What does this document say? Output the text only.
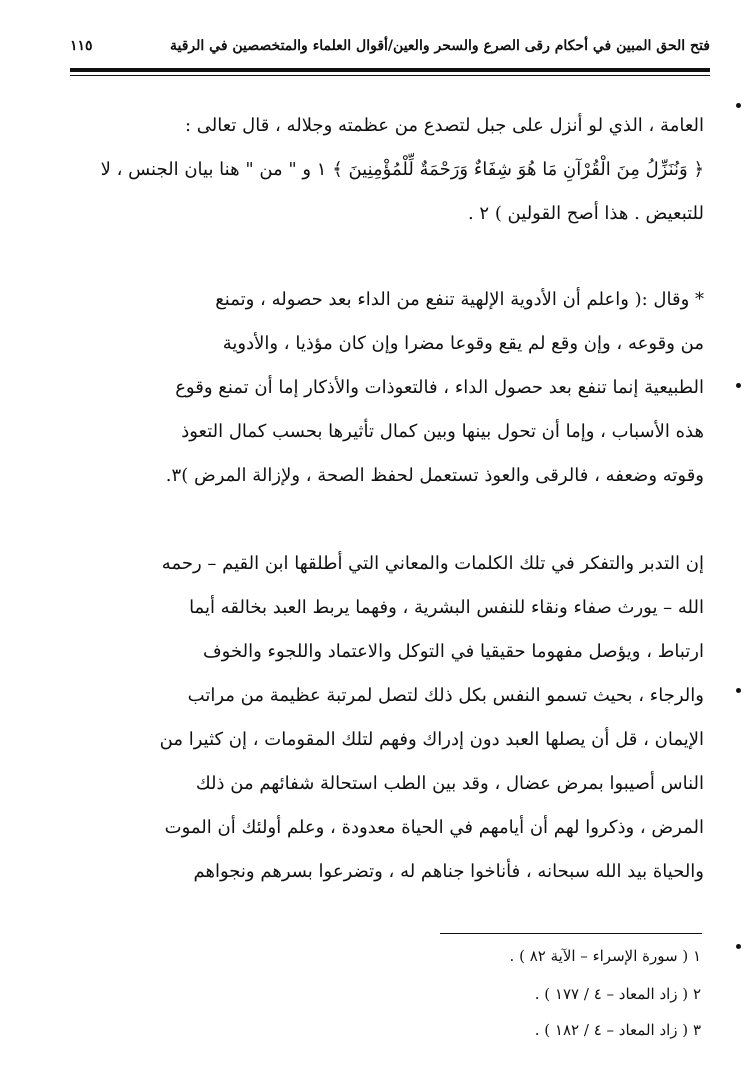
فتح الحق المبين في أحكام رقى الصرع والسحر والعين/أقوال العلماء والمتخصصين في الرقية
١١٥
العامة ، الذي لو أنزل على جبل لتصدع من عظمته وجلاله ، قال تعالى :
﴿ وَنُنَزِّلُ مِنَ الْقُرْآنِ مَا هُوَ شِفَاءٌ وَرَحْمَةٌ لِّلْمُؤْمِنِينَ ﴾ ١ و " من " هنا بيان الجنس ، لا
للتبعيض . هذا أصح القولين ) ٢ .
* وقال :( واعلم أن الأدوية الإلهية تنفع من الداء بعد حصوله ، وتمنع
من وقوعه ، وإن وقع لم يقع وقوعا مضرا وإن كان مؤذيا ، والأدوية
الطبيعية إنما تنفع بعد حصول الداء ، فالتعوذات والأذكار إما أن تمنع وقوع
هذه الأسباب ، وإما أن تحول بينها وبين كمال تأثيرها بحسب كمال التعوذ
وقوته وضعفه ، فالرقى والعوذ تستعمل لحفظ الصحة ، ولإزالة المرض )٣.
إن التدبر والتفكر في تلك الكلمات والمعاني التي أطلقها ابن القيم – رحمه
الله – يورث صفاء ونقاء للنفس البشرية ، وفهما يربط العبد بخالقه أيما
ارتباط ، ويؤصل مفهوما حقيقيا في التوكل والاعتماد واللجوء والخوف
والرجاء ، بحيث تسمو النفس بكل ذلك لتصل لمرتبة عظيمة من مراتب
الإيمان ، قل أن يصلها العبد دون إدراك وفهم لتلك المقومات ، إن كثيرا من
الناس أصيبوا بمرض عضال ، وقد بين الطب استحالة شفائهم من ذلك
المرض ، وذكروا لهم أن أيامهم في الحياة معدودة ، وعلم أولئك أن الموت
والحياة بيد الله سبحانه ، فأناخوا جناهم له ، وتضرعوا بسرهم ونجواهم
١ ( سورة الإسراء – الآية ٨٢ ) .
٢ ( زاد المعاد – ٤ / ١٧٧ ) .
٣ ( زاد المعاد – ٤ / ١٨٢ ) .
